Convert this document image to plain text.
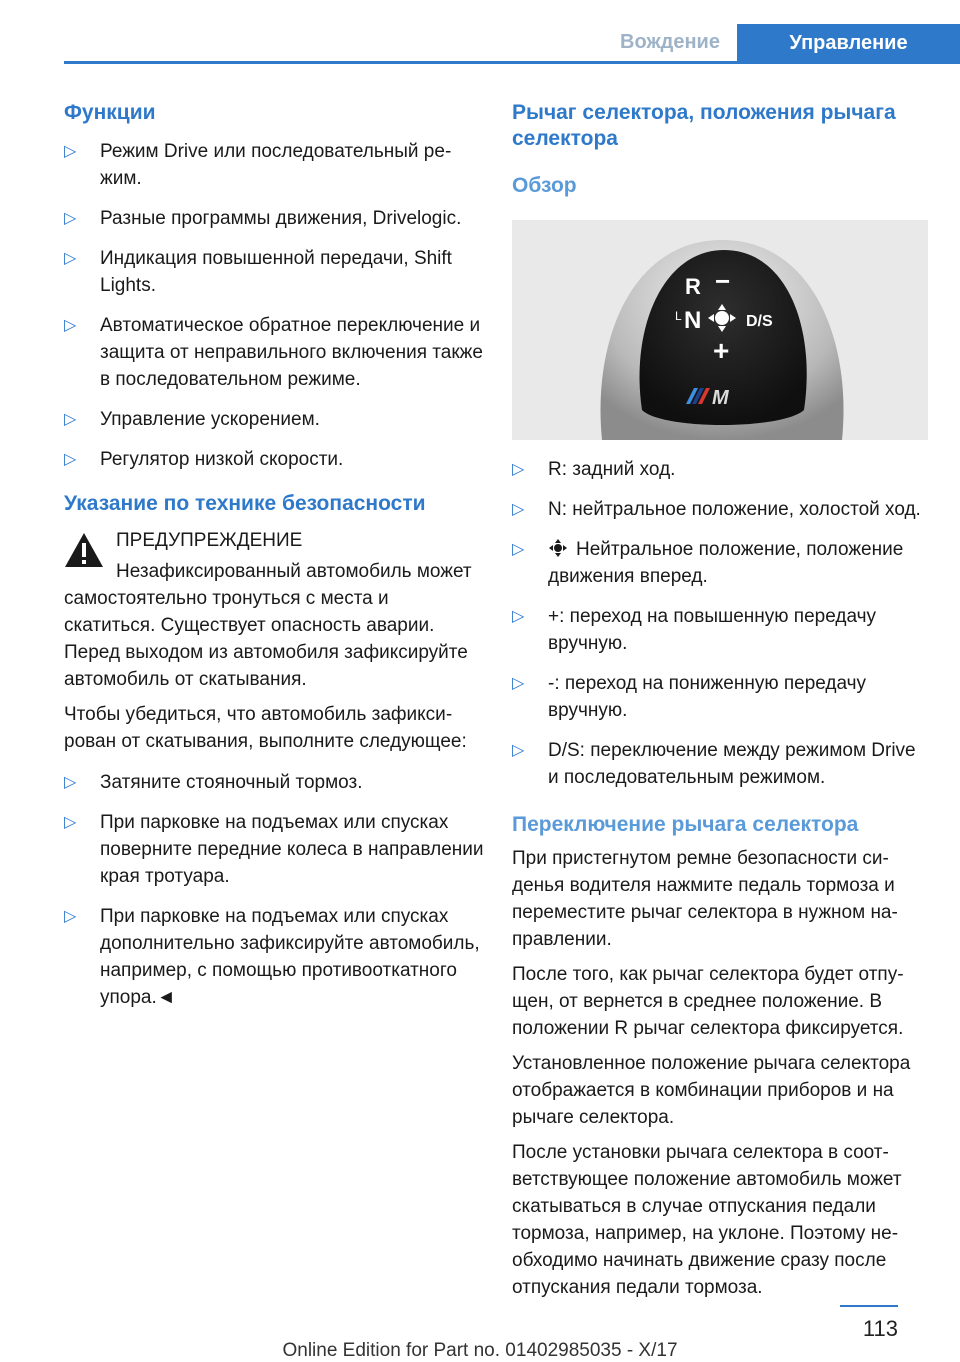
Вождение	Управление
Функции
▷	Режим Drive или последовательный режим.
▷	Разные программы движения, Drivelogic.
▷	Индикация повышенной передачи, Shift Lights.
▷	Автоматическое обратное переключение и защита от неправильного включения также в последовательном режиме.
▷	Управление ускорением.
▷	Регулятор низкой скорости.
Указание по технике безопасности
ПРЕДУПРЕЖДЕНИЕ

Незафиксированный автомобиль может самостоятельно тронуться с места и скатиться. Существует опасность аварии. Перед выходом из автомобиля зафиксируйте автомобиль от скатывания.

Чтобы убедиться, что автомобиль зафиксирован от скатывания, выполните следующее:

▷	Затяните стояночный тормоз.
▷	При парковке на подъемах или спусках поверните передние колеса в направлении края тротуара.
▷	При парковке на подъемах или спусках дополнительно зафиксируйте автомобиль, например, с помощью противооткатного упора.◄
Рычаг селектора, положения рычага селектора
Обзор
R −
L N	D/S
+
M
▷	R: задний ход.
▷	N: нейтральное положение, холостой ход.
▷	Нейтральное положение, положение движения вперед.
▷	+: переход на повышенную передачу вручную.
▷	-: переход на пониженную передачу вручную.
▷	D/S: переключение между режимом Drive и последовательным режимом.
Переключение рычага селектора

При пристегнутом ремне безопасности сиденья водителя нажмите педаль тормоза и переместите рычаг селектора в нужном направлении.

После того, как рычаг селектора будет отпущен, от вернется в среднее положение. В положении R рычаг селектора фиксируется.

Установленное положение рычага селектора отображается в комбинации приборов и на рычаге селектора.

После установки рычага селектора в соответствующее положение автомобиль может скатываться в случае отпускания педали тормоза, например, на уклоне. Поэтому необходимо начинать движение сразу после отпускания педали тормоза.

113
Online Edition for Part no. 01402985035 - X/17
